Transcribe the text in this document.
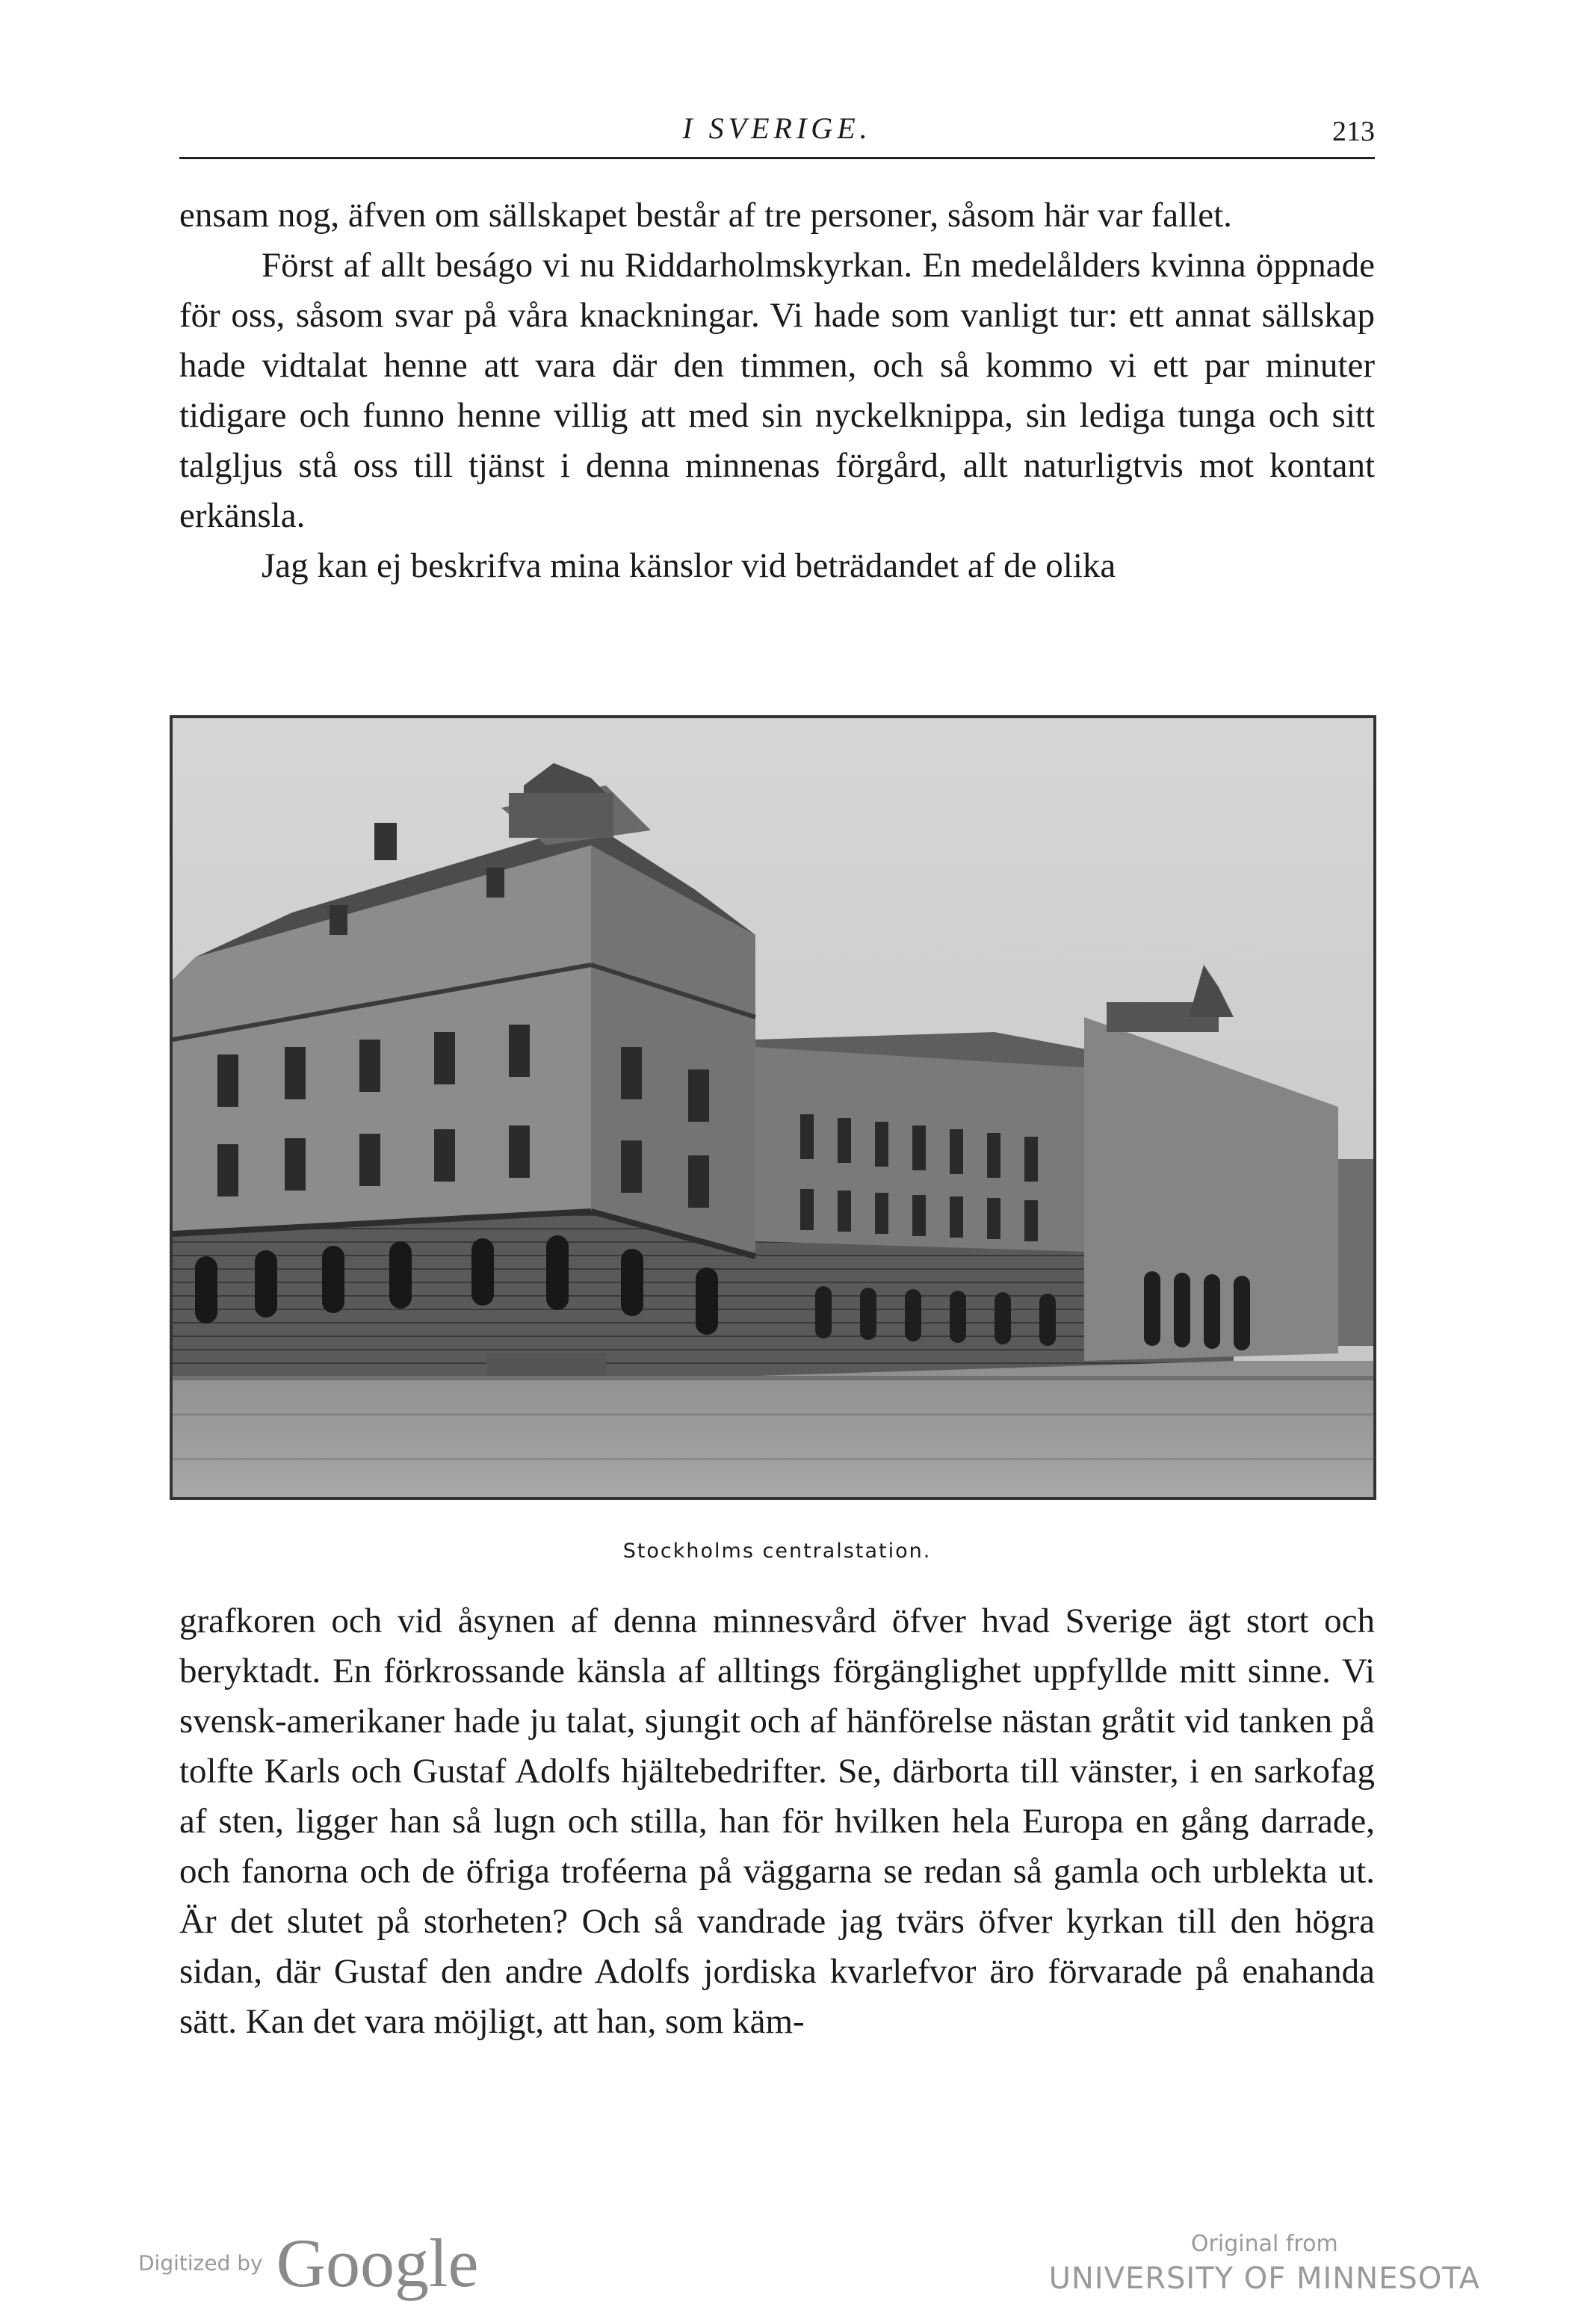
I SVERIGE.	213

ensam nog, äfven om sällskapet består af tre personer, såsom här var fallet.

Först af allt beságo vi nu Riddarholmskyrkan. En medelålders kvinna öppnade för oss, såsom svar på våra knackningar. Vi hade som vanligt tur: ett annat sällskap hade vidtalat henne att vara där den timmen, och så kommo vi ett par minuter tidigare och funno henne villig att med sin nyckelknippa, sin lediga tunga och sitt talgljus stå oss till tjänst i denna minnenas förgård, allt naturligtvis mot kontant erkänsla.

Jag kan ej beskrifva mina känslor vid beträdandet af de olika

Stockholms centralstation.

grafkoren och vid åsynen af denna minnesvård öfver hvad Sverige ägt stort och beryktadt. En förkrossande känsla af alltings förgänglighet uppfyllde mitt sinne. Vi svensk-amerikaner hade ju talat, sjungit och af hänförelse nästan gråtit vid tanken på tolfte Karls och Gustaf Adolfs hjältebedrifter. Se, därborta till vänster, i en sarkofag af sten, ligger han så lugn och stilla, han för hvilken hela Europa en gång darrade, och fanorna och de öfriga troféerna på väggarna se redan så gamla och urblekta ut. Är det slutet på storheten? Och så vandrade jag tvärs öfver kyrkan till den högra sidan, där Gustaf den andre Adolfs jordiska kvarlefvor äro förvarade på enahanda sätt. Kan det vara möjligt, att han, som käm-

Digitized by Google	Original from
UNIVERSITY OF MINNESOTA
